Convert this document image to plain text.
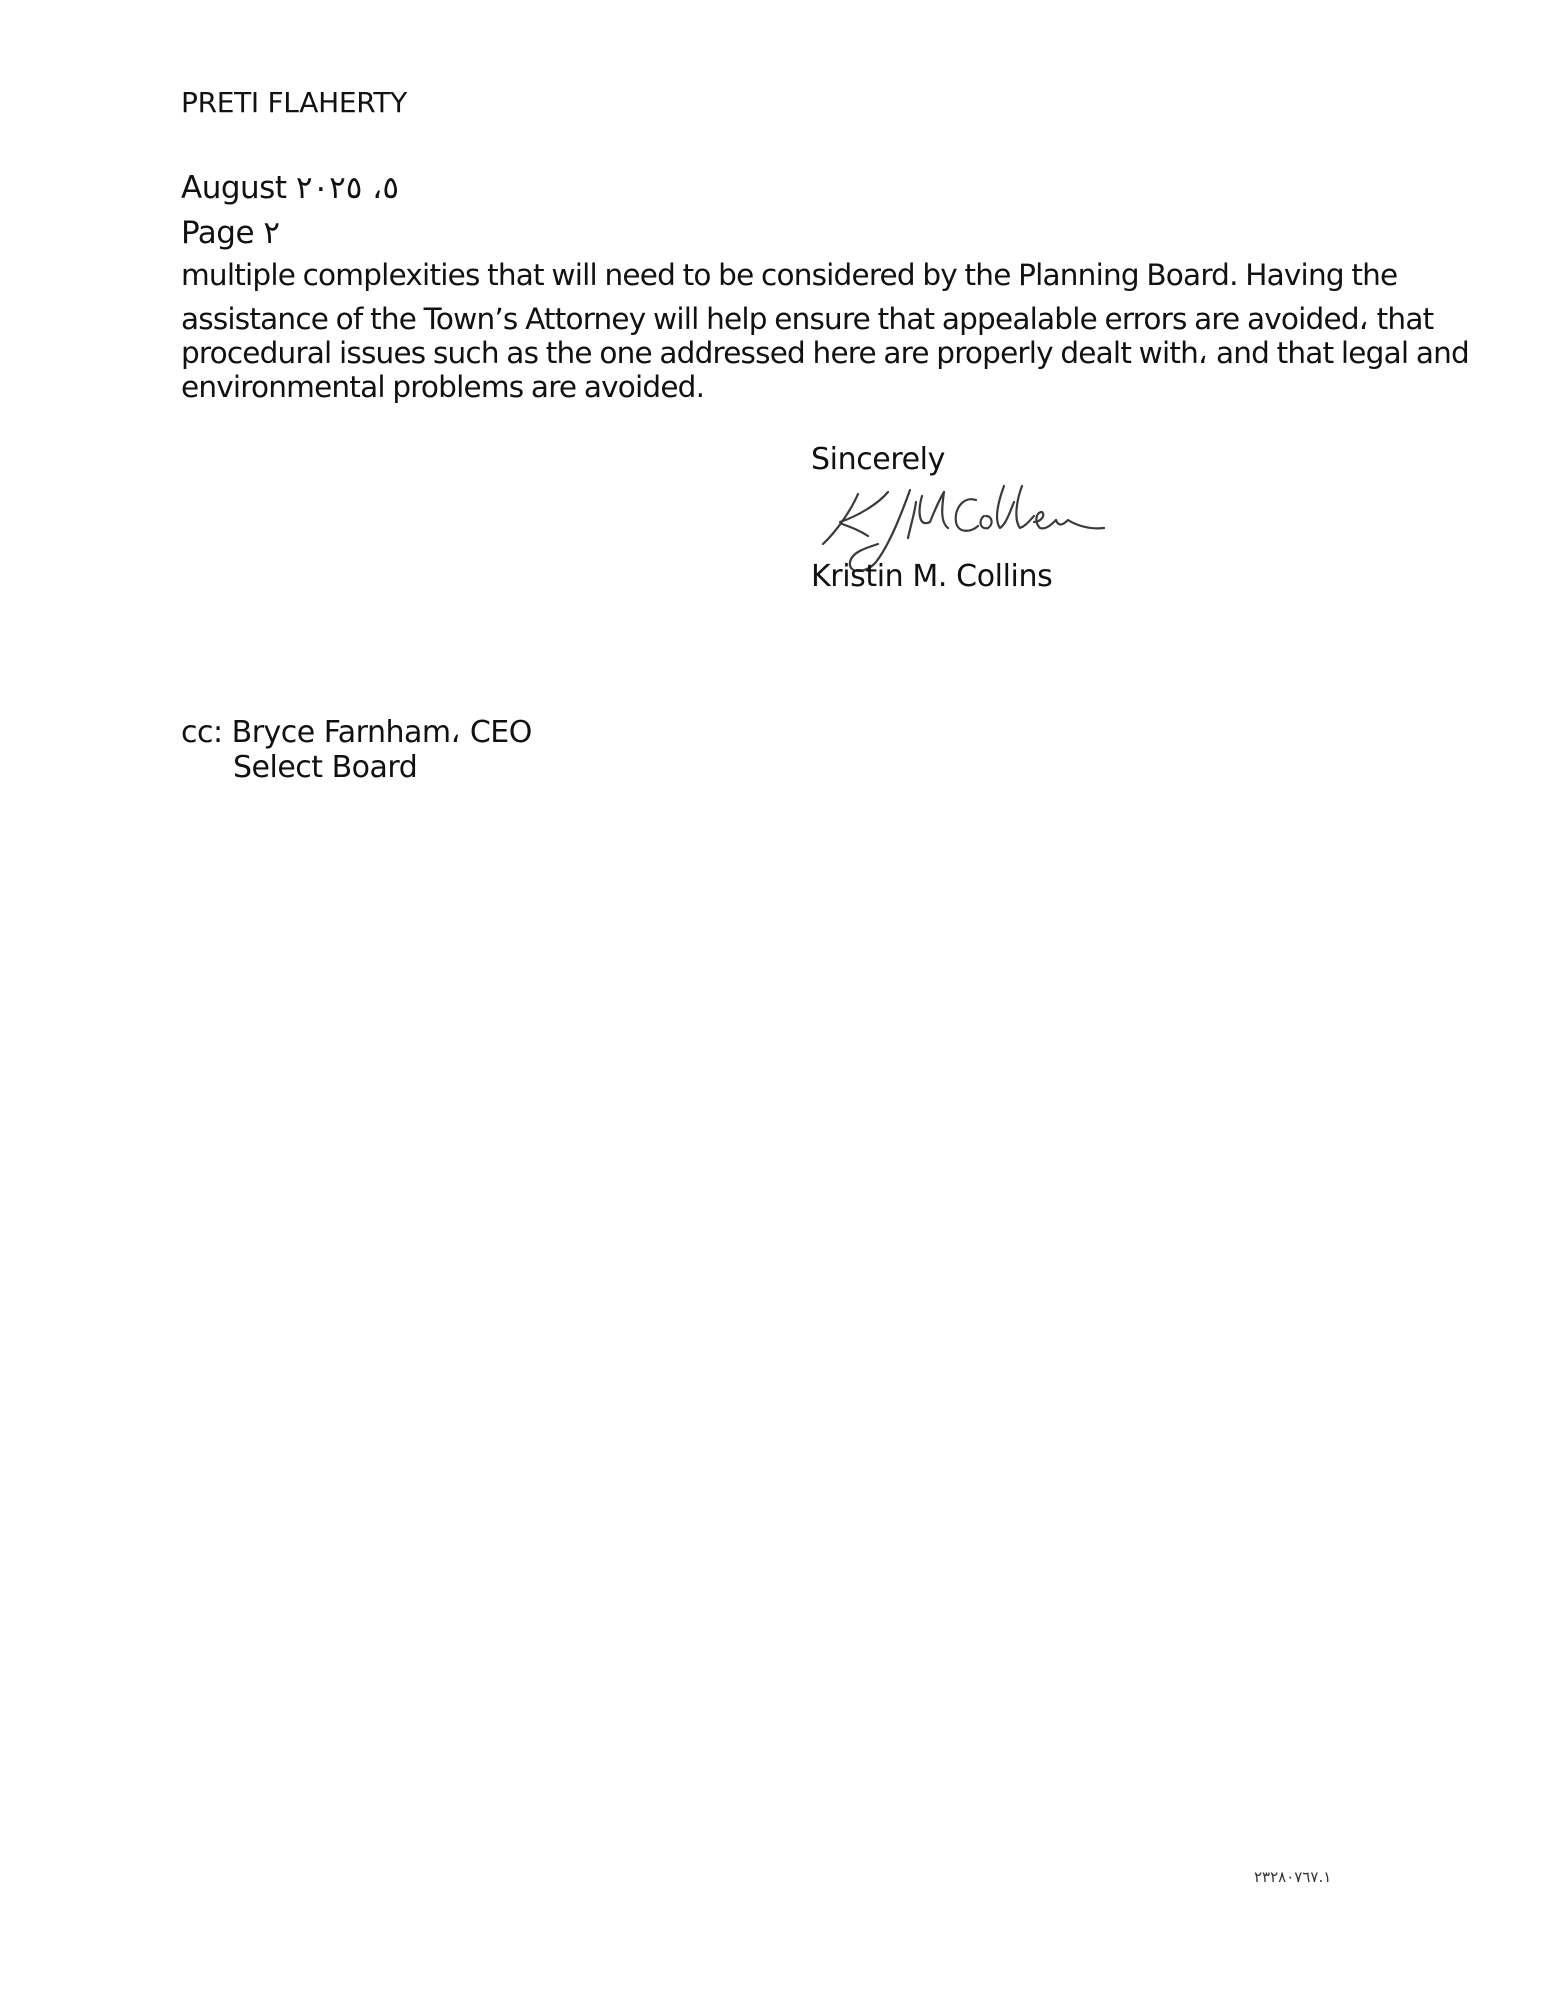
PRETI FLAHERTY
August ٥، ٢٠٢٥
Page ٢
multiple complexities that will need to be considered by the Planning Board. Having the
assistance of the Town’s Attorney will help ensure that appealable errors are avoided، that
procedural issues such as the one addressed here are properly dealt with، and that legal and
environmental problems are avoided.
Sincerely
K M Collins
Kristin M. Collins
cc: Bryce Farnham، CEO
Select Board
٢٣٢٨٠٧٦٧.١
